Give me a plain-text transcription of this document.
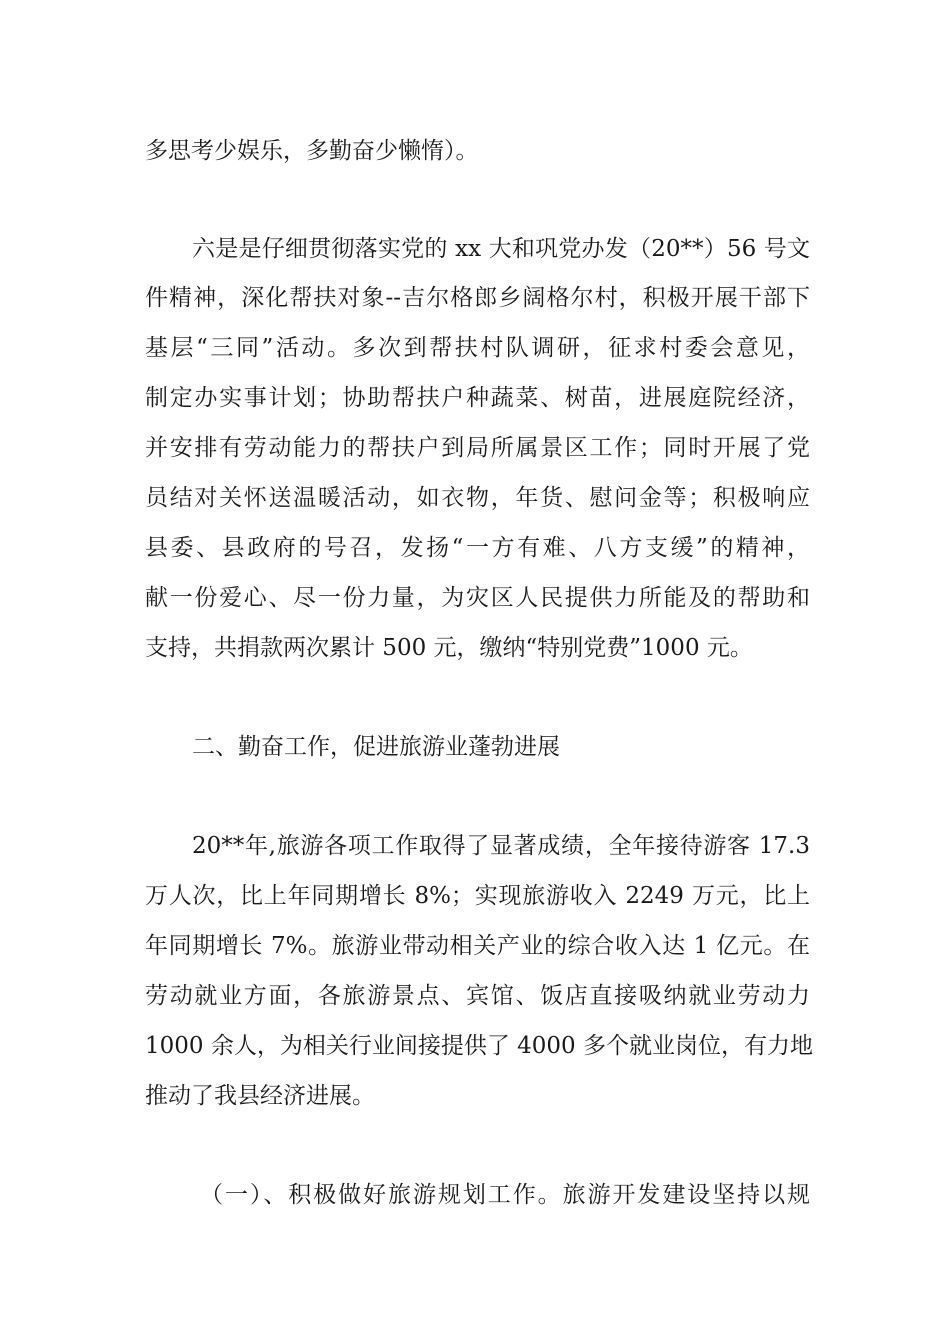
多思考少娱乐，多勤奋少懒惰）。
六是是仔细贯彻落实党的 xx 大和巩党办发（20**）56 号文
件精神，深化帮扶对象--吉尔格郎乡阔格尔村，积极开展干部下
基层“三同”活动。多次到帮扶村队调研，征求村委会意见，
制定办实事计划；协助帮扶户种蔬菜、树苗，进展庭院经济，
并安排有劳动能力的帮扶户到局所属景区工作；同时开展了党
员结对关怀送温暖活动，如衣物，年货、慰问金等；积极响应
县委、县政府的号召，发扬“一方有难、八方支缓”的精神，
献一份爱心、尽一份力量，为灾区人民提供力所能及的帮助和
支持，共捐款两次累计 500 元，缴纳“特别党费”1000 元。
二、勤奋工作，促进旅游业蓬勃进展
20**年,旅游各项工作取得了显著成绩，全年接待游客 17.3
万人次，比上年同期增长 8%；实现旅游收入 2249 万元，比上
年同期增长 7%。旅游业带动相关产业的综合收入达 1 亿元。在
劳动就业方面，各旅游景点、宾馆、饭店直接吸纳就业劳动力
1000 余人，为相关行业间接提供了 4000 多个就业岗位，有力地
推动了我县经济进展。
（一）、积极做好旅游规划工作。旅游开发建设坚持以规
